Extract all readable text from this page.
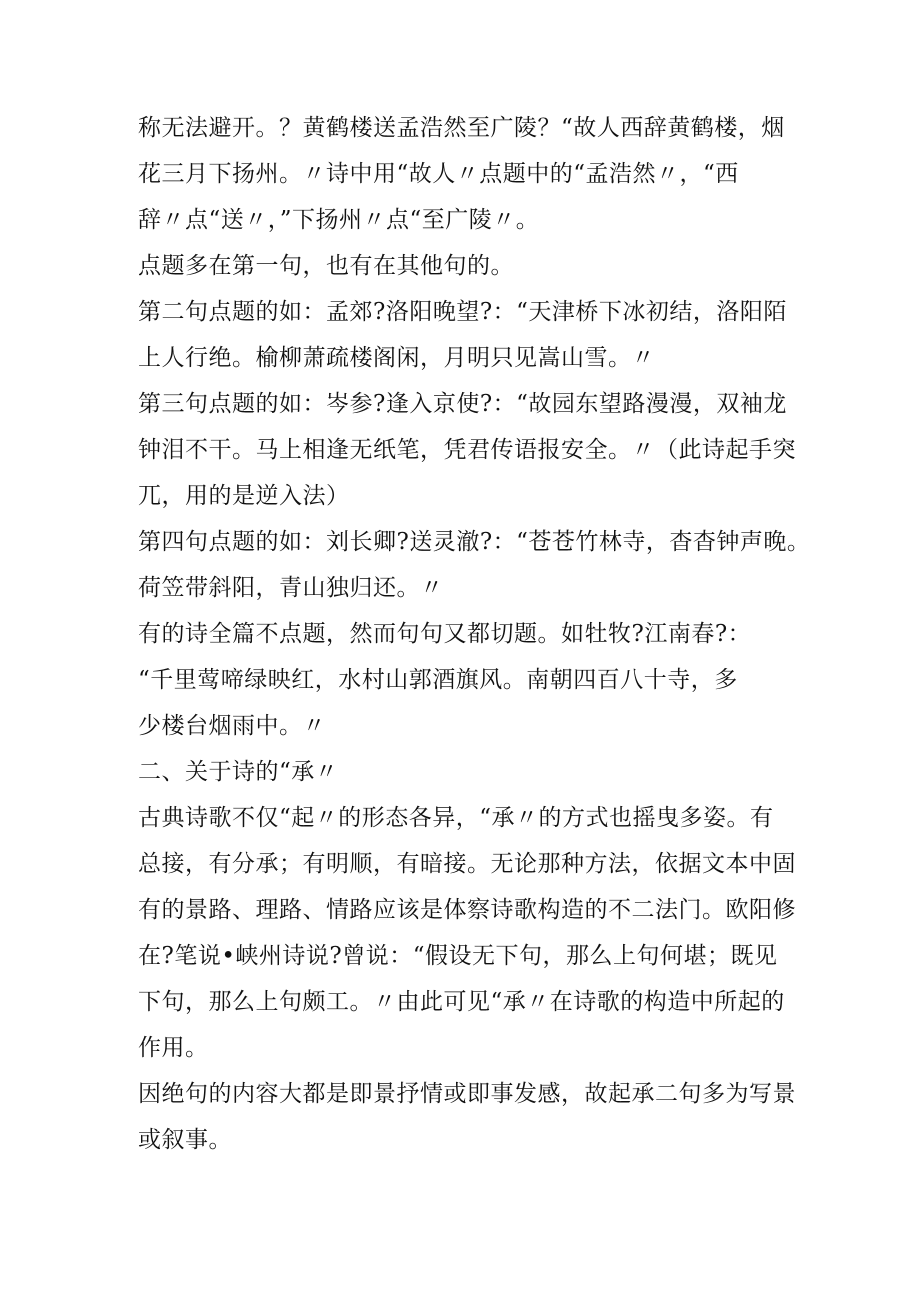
称无法避开。？黄鹤楼送孟浩然至广陵？“故人西辞黄鹤楼，烟
花三月下扬州。〃诗中用“故人〃点题中的“孟浩然〃，“西
辞〃点“送〃，”下扬州〃点“至广陵〃。
点题多在第一句，也有在其他句的。
第二句点题的如：孟郊?洛阳晚望?：“天津桥下冰初结，洛阳陌
上人行绝。榆柳萧疏楼阁闲，月明只见嵩山雪。〃
第三句点题的如：岑参?逢入京使?：“故园东望路漫漫，双袖龙
钟泪不干。马上相逢无纸笔，凭君传语报安全。〃（此诗起手突
兀，用的是逆入法）
第四句点题的如：刘长卿?送灵澈?：“苍苍竹林寺，杳杳钟声晚。
荷笠带斜阳，青山独归还。〃
有的诗全篇不点题，然而句句又都切题。如牡牧?江南春?：
“千里莺啼绿映红，水村山郭酒旗风。南朝四百八十寺，多
少楼台烟雨中。〃
二、关于诗的“承〃
古典诗歌不仅“起〃的形态各异，“承〃的方式也摇曳多姿。有
总接，有分承；有明顺，有暗接。无论那种方法，依据文本中固
有的景路、理路、情路应该是体察诗歌构造的不二法门。欧阳修
在?笔说•峡州诗说?曾说：“假设无下句，那么上句何堪；既见
下句，那么上句颇工。〃由此可见“承〃在诗歌的构造中所起的
作用。
因绝句的内容大都是即景抒情或即事发感，故起承二句多为写景
或叙事。
